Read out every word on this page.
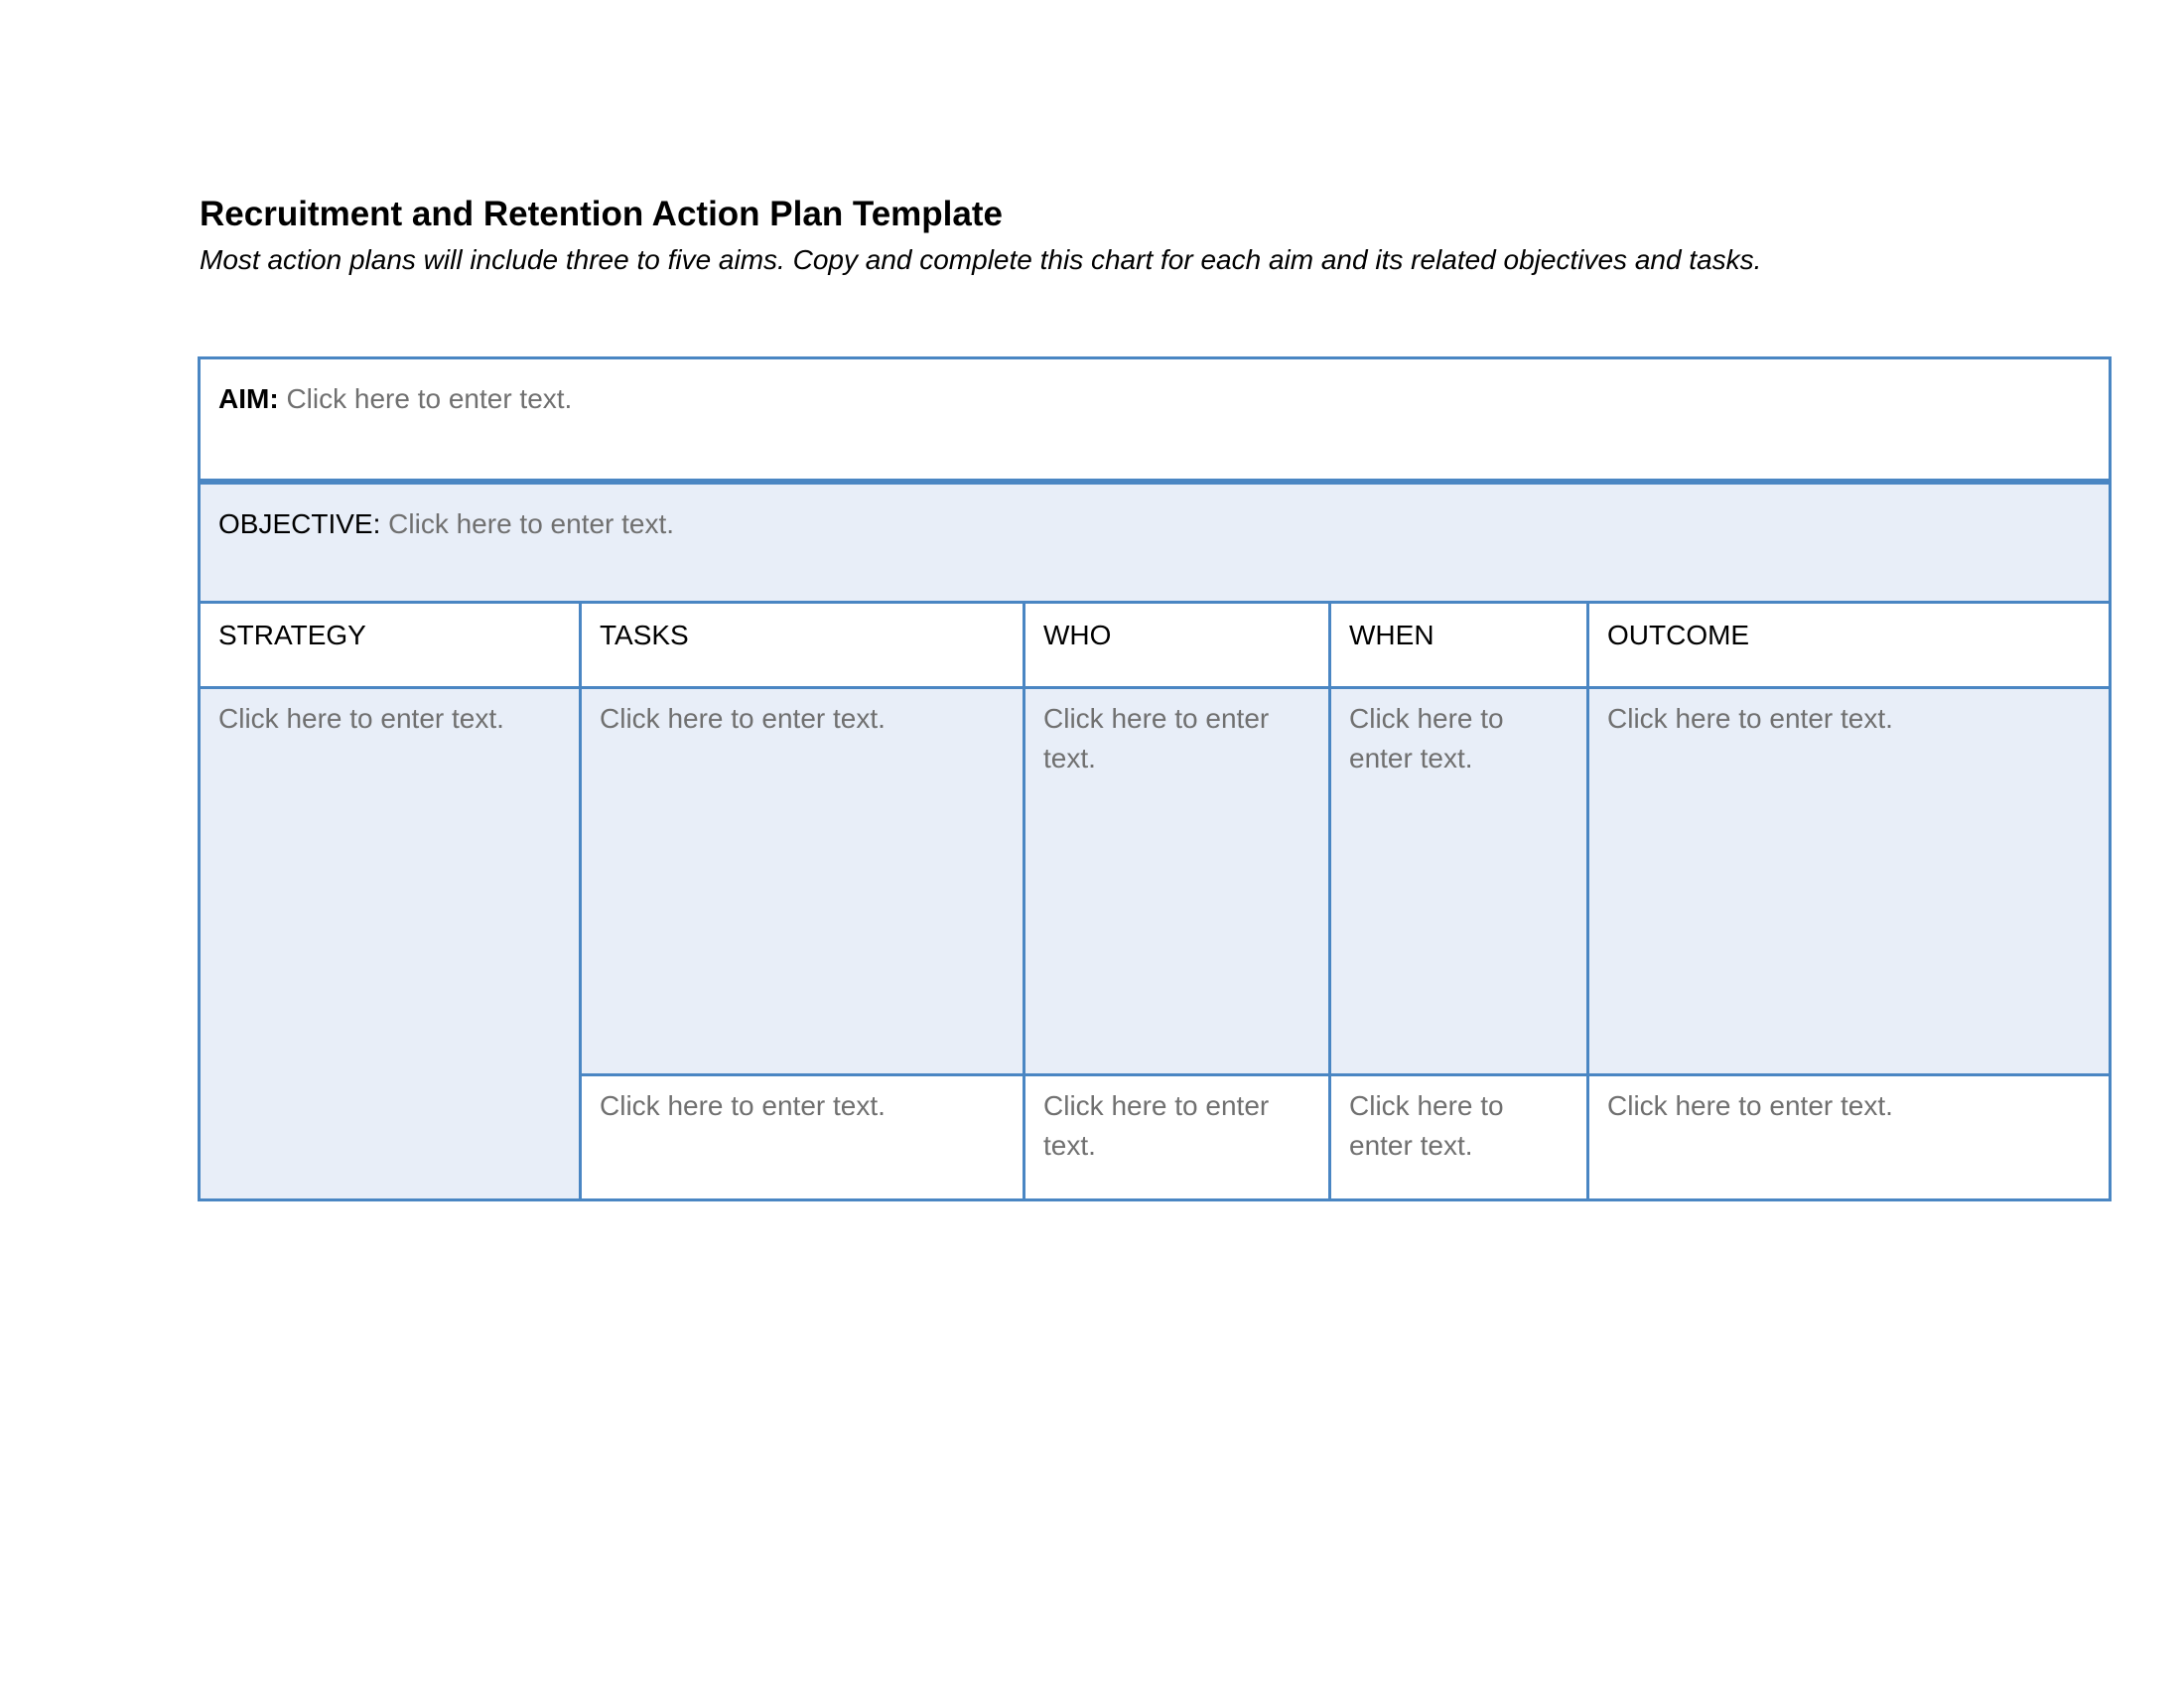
Recruitment and Retention Action Plan Template

Most action plans will include three to five aims. Copy and complete this chart for each aim and its related objectives and tasks.

AIM: Click here to enter text.				
OBJECTIVE: Click here to enter text.				
STRATEGY	TASKS	WHO	WHEN	OUTCOME
Click here to enter text.	Click here to enter text.	Click here to enter text.	Click here to enter text.	Click here to enter text.
	Click here to enter text.	Click here to enter text.	Click here to enter text.	Click here to enter text.
